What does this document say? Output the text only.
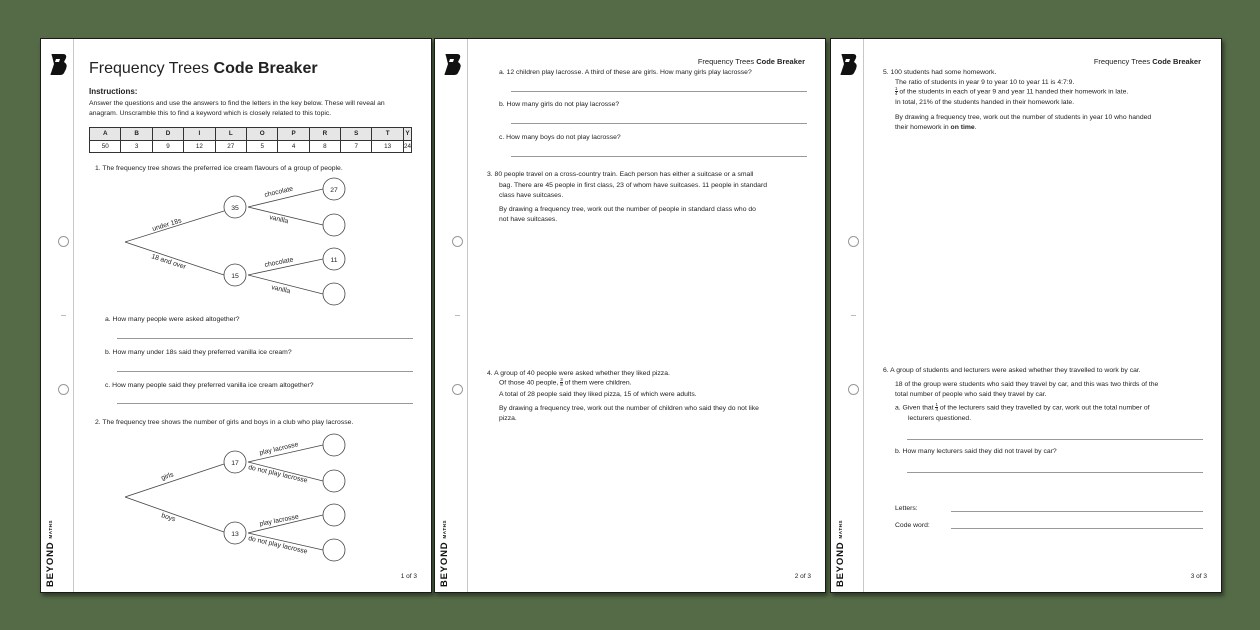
BEYONDMATHS
Frequency Trees Code Breaker
Instructions:
Answer the questions and use the answers to find the letters in the key below. These will reveal an anagram. Unscramble this to find a keyword which is closely related to this topic.
A	B	D	I	L	O	P	R	S	T	Y
50	3	9	12	27	5	4	8	7	13	24
1. The frequency tree shows the preferred ice cream flavours of a group of people.
35
15
27
11
under 18s
18 and over
chocolate
vanilla
chocolate
vanilla
a. How many people were asked altogether?
b. How many under 18s said they preferred vanilla ice cream?
c. How many people said they preferred vanilla ice cream altogether?
2. The frequency tree shows the number of girls and boys in a club who play lacrosse.
17
13
girls
boys
play lacrosse
do not play lacrosse
play lacrosse
do not play lacrosse
1 of 3 BEYONDMATHS
Frequency Trees Code Breaker
a. 12 children play lacrosse. A third of these are girls. How many girls play lacrosse?
b. How many girls do not play lacrosse?
c. How many boys do not play lacrosse?
3. 80 people travel on a cross-country train. Each person has either a suitcase or a small
bag. There are 45 people in first class, 23 of whom have suitcases. 11 people in standard
class have suitcases.
By drawing a frequency tree, work out the number of people in standard class who do
not have suitcases.
4. A group of 40 people were asked whether they liked pizza.
Of those 40 people, $\frac{3}{8}$ of them were children.
A total of 28 people said they liked pizza, 15 of which were adults.
By drawing a frequency tree, work out the number of children who said they do not like
pizza.
2 of 3	BEYONDMATHS
Frequency Trees Code Breaker
5. 100 students had some homework.
The ratio of students in year 9 to year 10 to year 11 is 4:7:9.
$\frac{1}{4}$ of the students in each of year 9 and year 11 handed their homework in late.
In total, 21% of the students handed in their homework late.
By drawing a frequency tree, work out the number of students in year 10 who handed
their homework in on time.
6. A group of students and lecturers were asked whether they travelled to work by car.
18 of the group were students who said they travel by car, and this was two thirds of the
total number of people who said they travel by car.
a. Given that $\frac{1}{4}$ of the lecturers said they travelled by car, work out the total number of
lecturers questioned.
b. How many lecturers said they did not travel by car?
Letters:
Code word:
3 of 3
